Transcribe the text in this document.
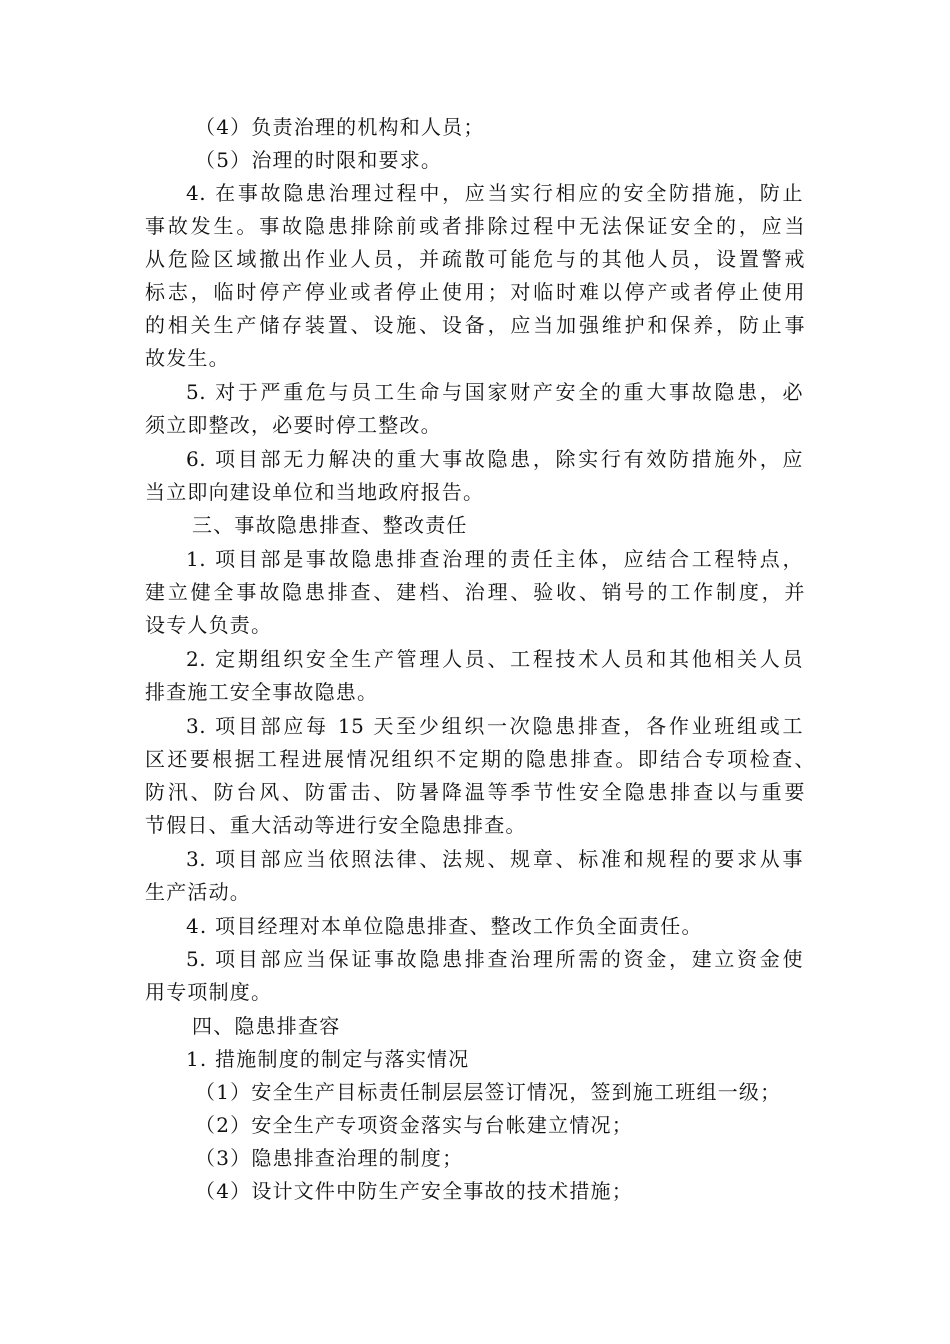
（4）负责治理的机构和人员；
（5）治理的时限和要求。
4. 在事故隐患治理过程中，应当实行相应的安全防措施，防止
事故发生。事故隐患排除前或者排除过程中无法保证安全的，应当
从危险区域撤出作业人员，并疏散可能危与的其他人员，设置警戒
标志，临时停产停业或者停止使用；对临时难以停产或者停止使用
的相关生产储存装置、设施、设备，应当加强维护和保养，防止事
故发生。
5. 对于严重危与员工生命与国家财产安全的重大事故隐患，必
须立即整改，必要时停工整改。
6. 项目部无力解决的重大事故隐患，除实行有效防措施外，应
当立即向建设单位和当地政府报告。
三、事故隐患排查、整改责任
1. 项目部是事故隐患排查治理的责任主体，应结合工程特点，
建立健全事故隐患排查、建档、治理、验收、销号的工作制度，并
设专人负责。
2. 定期组织安全生产管理人员、工程技术人员和其他相关人员
排查施工安全事故隐患。
3. 项目部应每 15 天至少组织一次隐患排查，各作业班组或工
区还要根据工程进展情况组织不定期的隐患排查。即结合专项检查、
防汛、防台风、防雷击、防暑降温等季节性安全隐患排查以与重要
节假日、重大活动等进行安全隐患排查。
3. 项目部应当依照法律、法规、规章、标准和规程的要求从事
生产活动。
4. 项目经理对本单位隐患排查、整改工作负全面责任。
5. 项目部应当保证事故隐患排查治理所需的资金，建立资金使
用专项制度。
四、隐患排查容
1. 措施制度的制定与落实情况
（1）安全生产目标责任制层层签订情况，签到施工班组一级；
（2）安全生产专项资金落实与台帐建立情况；
（3）隐患排查治理的制度；
（4）设计文件中防生产安全事故的技术措施；
